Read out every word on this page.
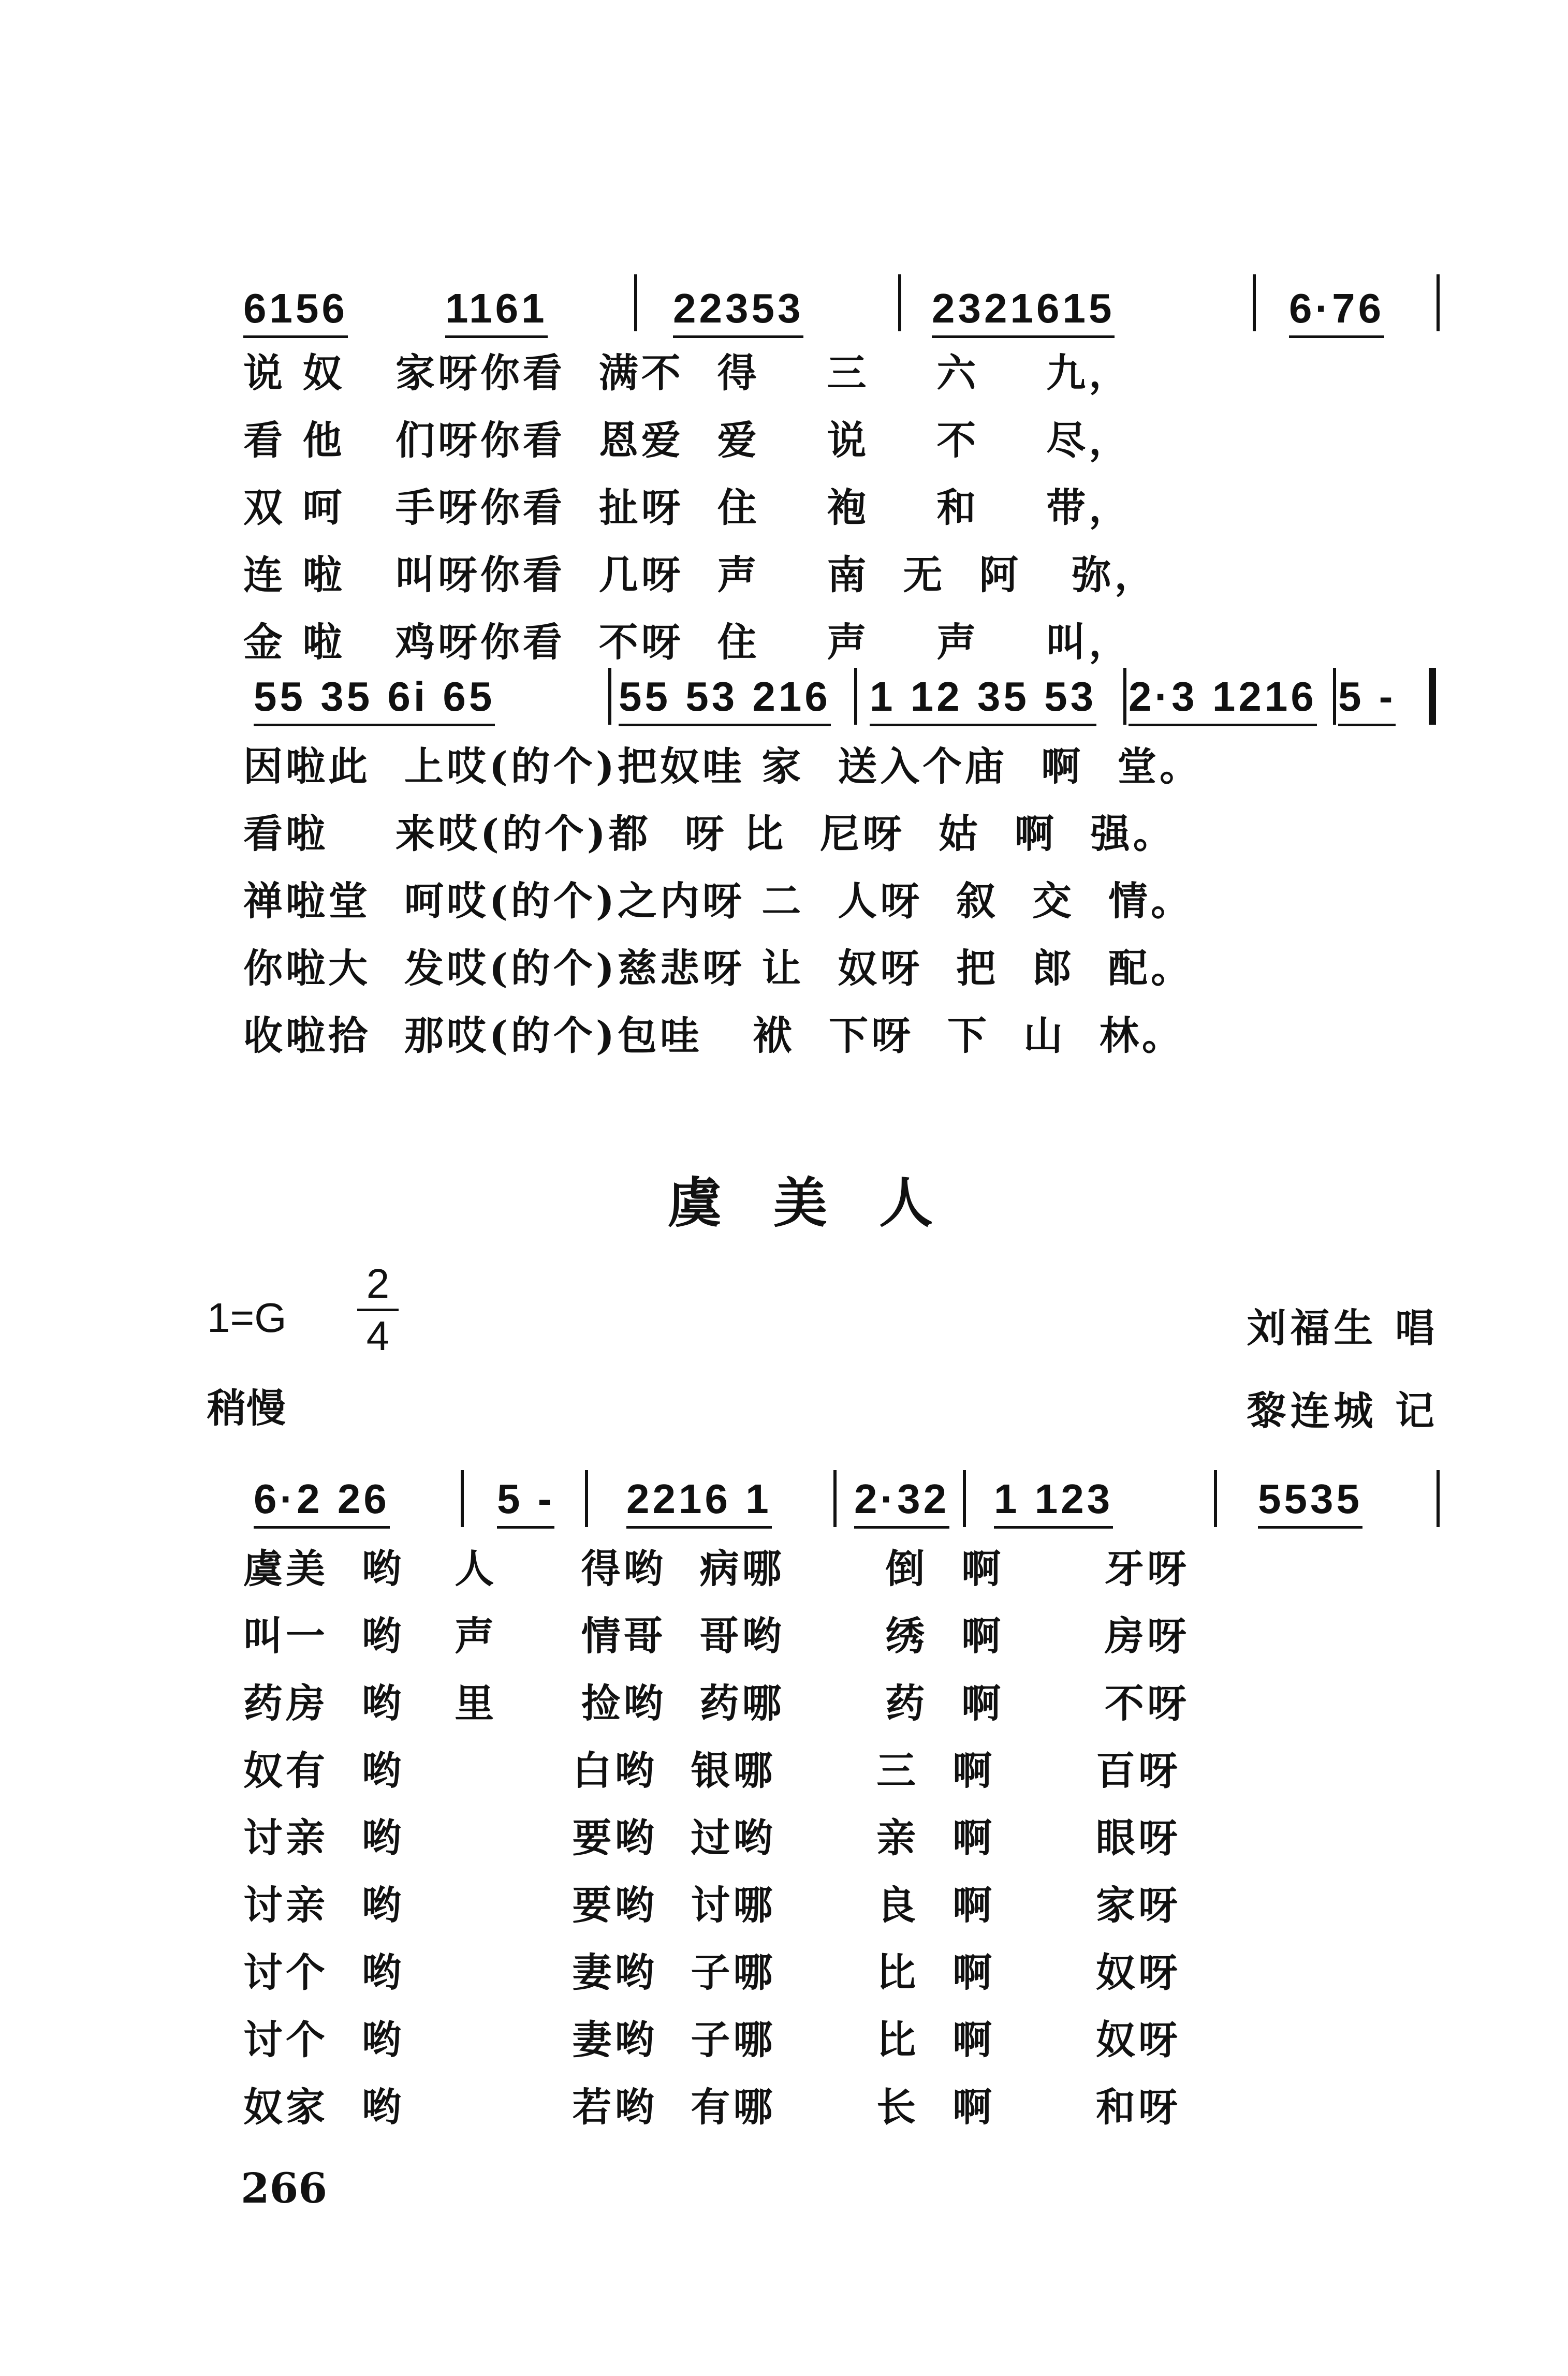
6156

1161

	22353

	2321615

	6·76

说 奴   家呀你看  满不  得    三    六    九，
看 他   们呀你看  恩爱  爱    说    不    尽，
双 呵   手呀你看  扯呀  住    袍    和    带，
连 啦   叫呀你看  几呀  声    南  无  阿   弥，
金 啦   鸡呀你看  不呀  住    声    声    叫，

55 35 6i 65

	55 53 216

1 12 35 53

2·3 1216

5 -

因啦此  上哎(的个)把奴哇 家  送入个庙  啊  堂。
看啦    来哎(的个)都  呀 比  尼呀  姑  啊  强。
禅啦堂  呵哎(的个)之内呀 二  人呀  叙  交  情。
你啦大  发哎(的个)慈悲呀 让  奴呀  把  郎  配。
收啦拾  那哎(的个)包哇   袱  下呀  下  山  林。
虞美人
1=G
2
4
稍慢
刘福生 唱
黎连城 记

6·2 26

	5 -

2216 1

2·32

1 123

	5535

虞美  哟   人     得哟  病哪      倒  啊      牙呀
叫一  哟   声     情哥  哥哟      绣  啊      房呀
药房  哟   里     捡哟  药哪      药  啊      不呀
奴有  哟          白哟  银哪      三  啊      百呀
讨亲  哟          要哟  过哟      亲  啊      眼呀
讨亲  哟          要哟  讨哪      良  啊      家呀
讨个  哟          妻哟  子哪      比  啊      奴呀
讨个  哟          妻哟  子哪      比  啊      奴呀
奴家  哟          若哟  有哪      长  啊      和呀
266
